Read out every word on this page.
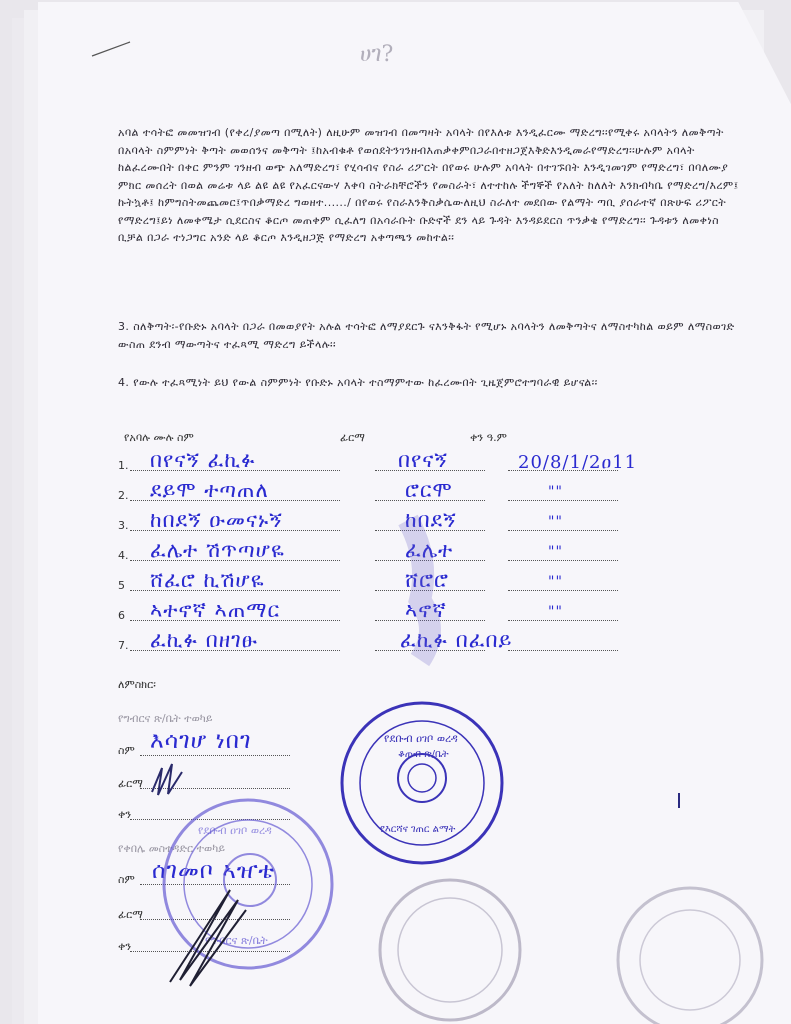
ሀገ?
አባል ተሳትፎ መመዝገብ (የቀረ/ያመጣ በሚለት) ለዚሁም መዝገብ በመጣዛት አባላት በየእለቱ እንዲፈርሙ ማድረግ፡፡የሚቀሩ አባላትን ለመቅጣት በአባላት ስምምነት ቅጣት መወሰንና መቅጣት ፤ከአብቁቶ የወሰደትንገንዘብእጠቃቀምበጋራበተዘጋጀእቅድእንዲመራየማድረግ፡፡ሁሉም አባላት ከልፈረሙበት በቀር ምንም ገንዘብ ወጭ አለማድረግ፣ የሂሳብና የስራ ሪፖርት በየወሩ ሁሉም አባላት በተገኙበት እንዲገመገም የማድረግ፣ በባለሙያ ምክር መሰረት በወል መሬቱ ላይ ልዩ ልዩ የአፈርናውሃ እቀባ ስትራክቸሮችን የመስራት፣ ለተተከሉ ችግኞች የአለት ከለለት እንክብካቤ የማድረግ/እረም፤ ኩትኳቶ፤ ከምግስትመጨመር፤ጥበቃማድረ ግወዘተ....../ በየወሩ የስራእንቅስቃሴውለዚህ ስራለተ መደበው የልማት ጣቢ ያሰራተኛ በጽሁፍ ሪፖርት የማድረግ፤ይነ ለመቀሜታ ሲደርስና ቆርጦ መጠቀም ሲፈለግ በአሳራቡት ቡድኖች ደን ላይ ጉዳት እንዳይደርስ ጥንቃቄ የማድረግ፡፡ ጉዳቱን ለመቀነስ ቢቻል በጋራ ተነጋግር አንድ ላይ ቆርጦ እንዲዘጋጅ የማድረግ አቀጣጫን መከተል፡፡
3. ስለቅጣት፡-የቡድኑ አባላት በጋራ በመወያየት አሉል ተሳትፎ ለማያደርጉ ናእንቅፋት የሚሆኑ አባላትን ለመቅጣትና ለማስተካከል ወይም ለማስወገድ ውስጠ ደንብ ማውጣትና ተፈጻሚ ማድረግ ይችላሉ፡፡
4. የውሉ ተፈጻሚነት ይህ የውል ስምምነት የቡድኑ አባላት ተስማምተው ከፈረሙበት ጊዜጀምሮተግባራዊ ይሆናል፡፡
የአባሉ ሙሉ ስም	ፊርማ	ቀን ዓ.ም
1. በየናኝ ፈኪፉ	በየናኝ	20/8/1/2ዐ11
2. ደይሞ ተጣጠለ	ሮርሞ	""
3. ከበደኝ ዑመናኑኝ	ከበደኝ	""
4. ፈሌተ ሽጥጣሆዬ	ፈሌተ	""
5 ሸፈሮ ኪሽሆዬ	ሸሮሮ	""
6 ኣተኖኛ ኣጠማር	ኣኖኛ	""
7. ፈኪፉ በዘገፁ	ፈኪፉ በፈበይ
ለምስክር፡
የግብርና ጽ/ቤት ተወካይ
ስም እሳገሆ ነበገ
ፊርማ
ቀን
የቀበሌ መስተዳድር ተወካይ
ስም ሰገመቦ ኣዠቴ
ፊርማ
ቀን
የደቡብ ዐገቦ ወረዳ
ቆጠብ ጽ/ቤት
የእርሻና ገጠር ልማት
የግብርና ጽ/ቤት
የደቡብ ዐገቦ ወረዳ
